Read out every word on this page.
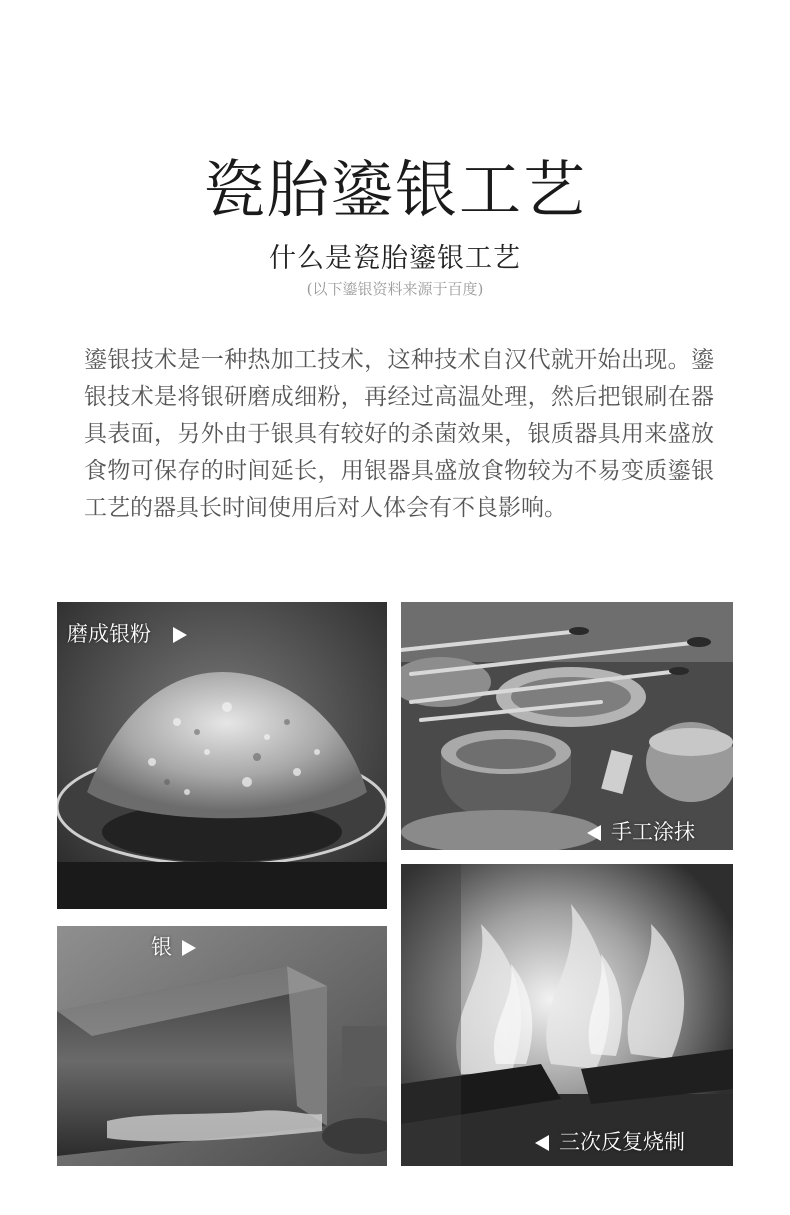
瓷胎鎏银工艺
什么是瓷胎鎏银工艺
(以下鎏银资料来源于百度)

鎏银技术是一种热加工技术，这种技术自汉代就开始出现。鎏银技术是将银研磨成细粉，再经过高温处理，然后把银刷在器具表面，另外由于银具有较好的杀菌效果，银质器具用来盛放食物可保存的时间延长，用银器具盛放食物较为不易变质鎏银工艺的器具长时间使用后对人体会有不良影响。

磨成银粉
手工涂抹
银
三次反复烧制
